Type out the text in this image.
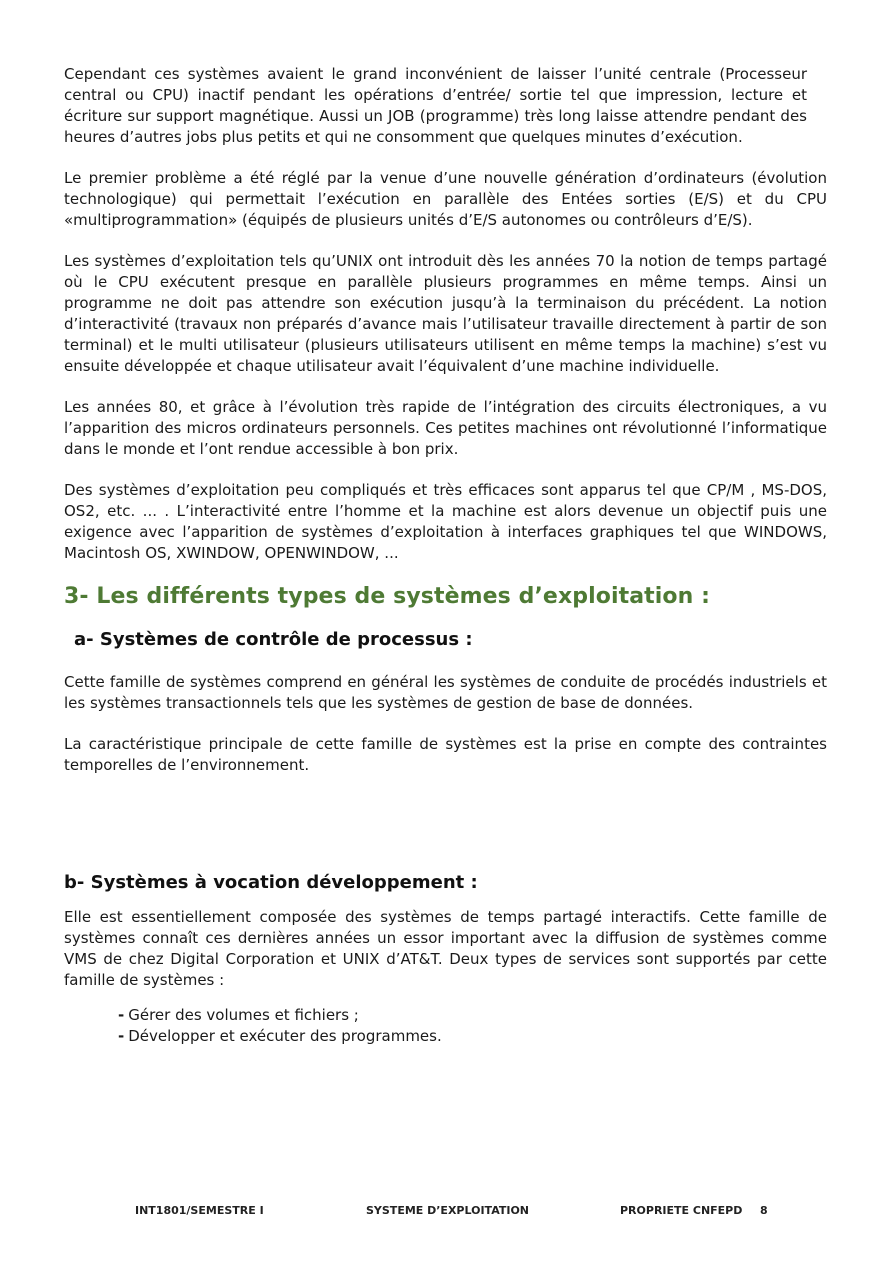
Cependant ces systèmes avaient le grand inconvénient de laisser l’unité centrale (Processeur central ou CPU) inactif pendant les opérations d’entrée/ sortie tel que impression, lecture et écriture sur support magnétique. Aussi un JOB (programme) très long laisse attendre pendant des heures d’autres jobs plus petits et qui ne consomment que quelques minutes d’exécution.

Le premier problème a été réglé par la venue d’une nouvelle génération d’ordinateurs (évolution technologique) qui permettait l’exécution en parallèle des Entées sorties (E/S) et du CPU «multiprogrammation» (équipés de plusieurs unités d’E/S autonomes ou contrôleurs d’E/S).

Les systèmes d’exploitation tels qu’UNIX ont introduit dès les années 70 la notion de temps partagé où le CPU exécutent presque en parallèle plusieurs programmes en même temps. Ainsi un programme ne doit pas attendre son exécution jusqu’à la terminaison du précédent. La notion d’interactivité (travaux non préparés d’avance mais l’utilisateur travaille directement à partir de son terminal) et le multi utilisateur (plusieurs utilisateurs utilisent en même temps la machine) s’est vu ensuite développée et chaque utilisateur avait l’équivalent d’une machine individuelle.

Les années 80, et grâce à l’évolution très rapide de l’intégration des circuits électroniques, a vu l’apparition des micros ordinateurs personnels. Ces petites machines ont révolutionné l’informatique dans le monde et l’ont rendue accessible à bon prix.

Des systèmes d’exploitation peu compliqués et très efficaces sont apparus tel que CP/M , MS-DOS, OS2, etc. ... . L’interactivité entre l’homme et la machine est alors devenue un objectif puis une exigence avec l’apparition de systèmes d’exploitation à interfaces graphiques tel que WINDOWS, Macintosh OS, XWINDOW, OPENWINDOW, ...

3- Les différents types de systèmes d’exploitation :
a- Systèmes de contrôle de processus :

Cette famille de systèmes comprend en général les systèmes de conduite de procédés industriels et les systèmes transactionnels tels que les systèmes de gestion de base de données.

La caractéristique principale de cette famille de systèmes est la prise en compte des contraintes temporelles de l’environnement.

b- Systèmes à vocation développement :

Elle est essentiellement composée des systèmes de temps partagé interactifs. Cette famille de systèmes connaît ces dernières années un essor important avec la diffusion de systèmes comme VMS de chez Digital Corporation et UNIX d’AT&T. Deux types de services sont supportés par cette famille de systèmes :

- Gérer des volumes et fichiers ;
- Développer et exécuter des programmes.
INT1801/SEMESTRE I	SYSTEME D’EXPLOITATION	PROPRIETE CNFEPD 8
